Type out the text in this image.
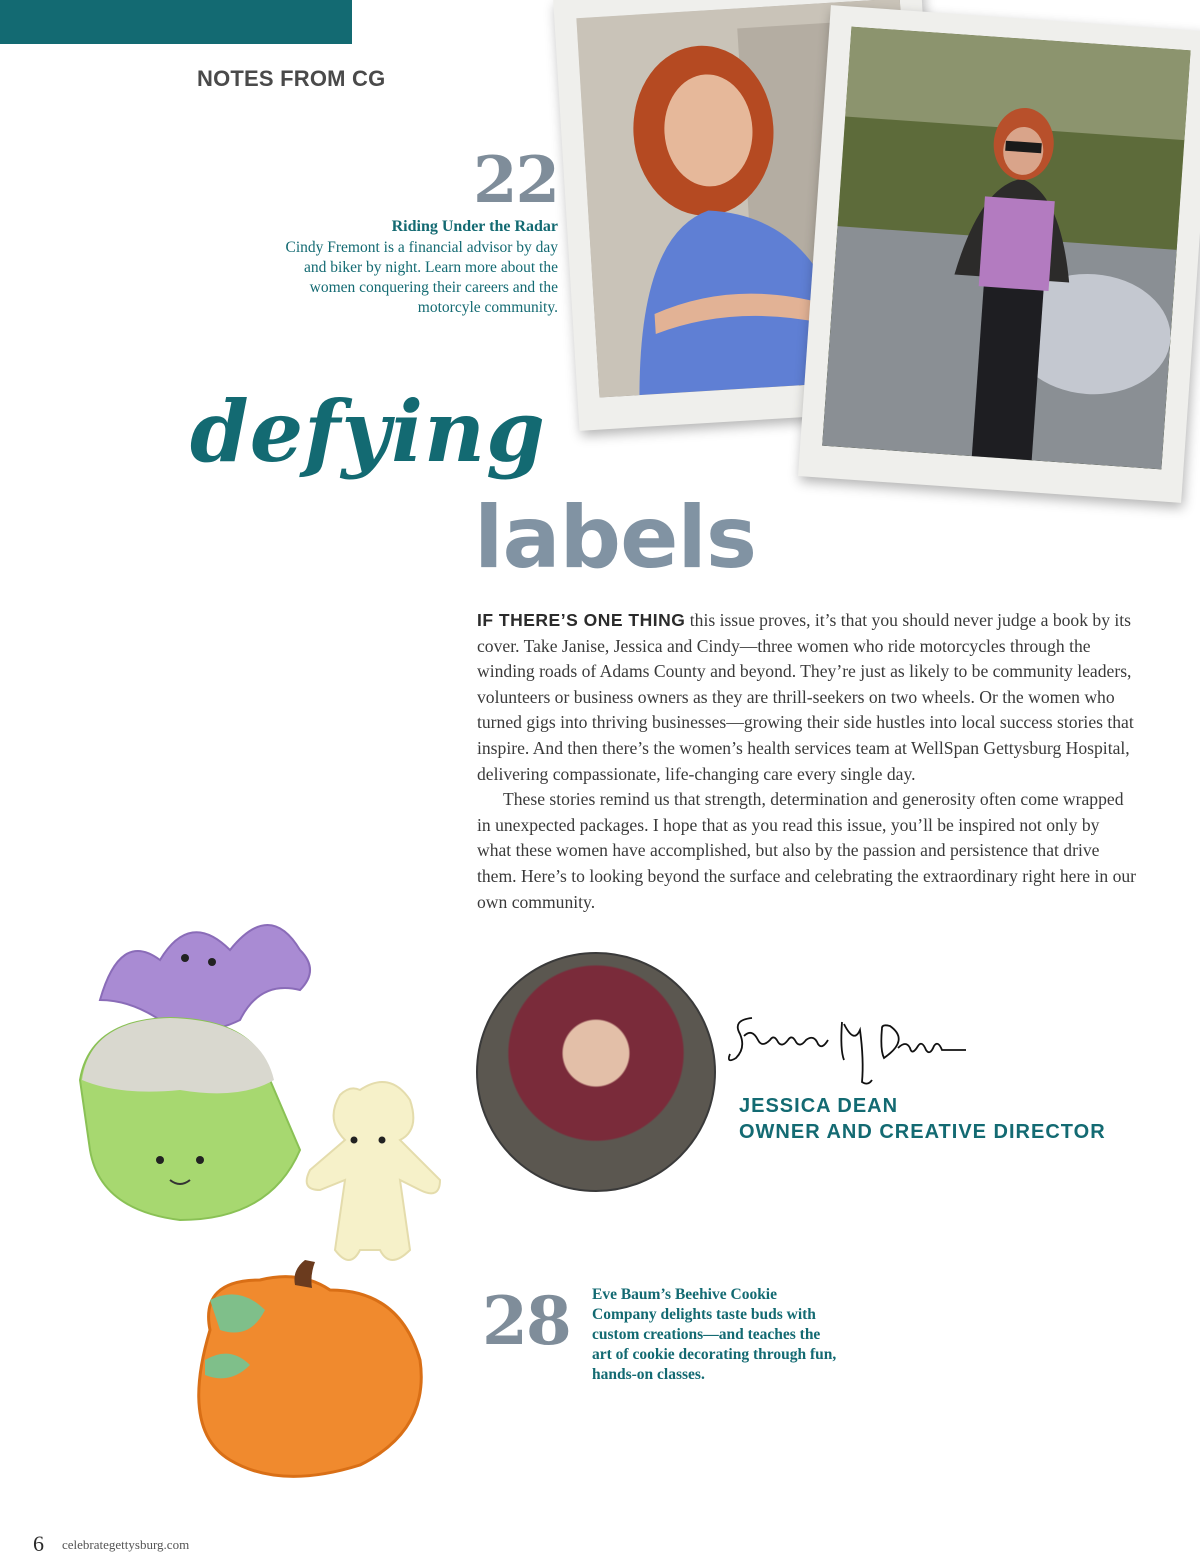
NOTES FROM CG
22
Riding Under the Radar
Cindy Fremont is a financial advisor by day and biker by night. Learn more about the women conquering their careers and the motorcyle community.
defying
labels

IF THERE’S ONE THING this issue proves, it’s that you should never judge a book by its cover. Take Janise, Jessica and Cindy—three women who ride motorcycles through the winding roads of Adams County and beyond. They’re just as likely to be community leaders, volunteers or business owners as they are thrill-seekers on two wheels. Or the women who turned gigs into thriving businesses—growing their side hustles into local success stories that inspire. And then there’s the women’s health services team at WellSpan Gettysburg Hospital, delivering compassionate, life-changing care every single day.

These stories remind us that strength, determination and generosity often come wrapped in unexpected packages. I hope that as you read this issue, you’ll be inspired not only by what these women have accomplished, but also by the passion and persistence that drive them. Here’s to looking beyond the surface and celebrating the extraordinary right here in our own community.

JESSICA DEAN
OWNER AND CREATIVE DIRECTOR
28 Eve Baum’s Beehive Cookie Company delights taste buds with custom creations—and teaches the art of cookie decorating through fun, hands-on classes.
6 celebrategettysburg.com
